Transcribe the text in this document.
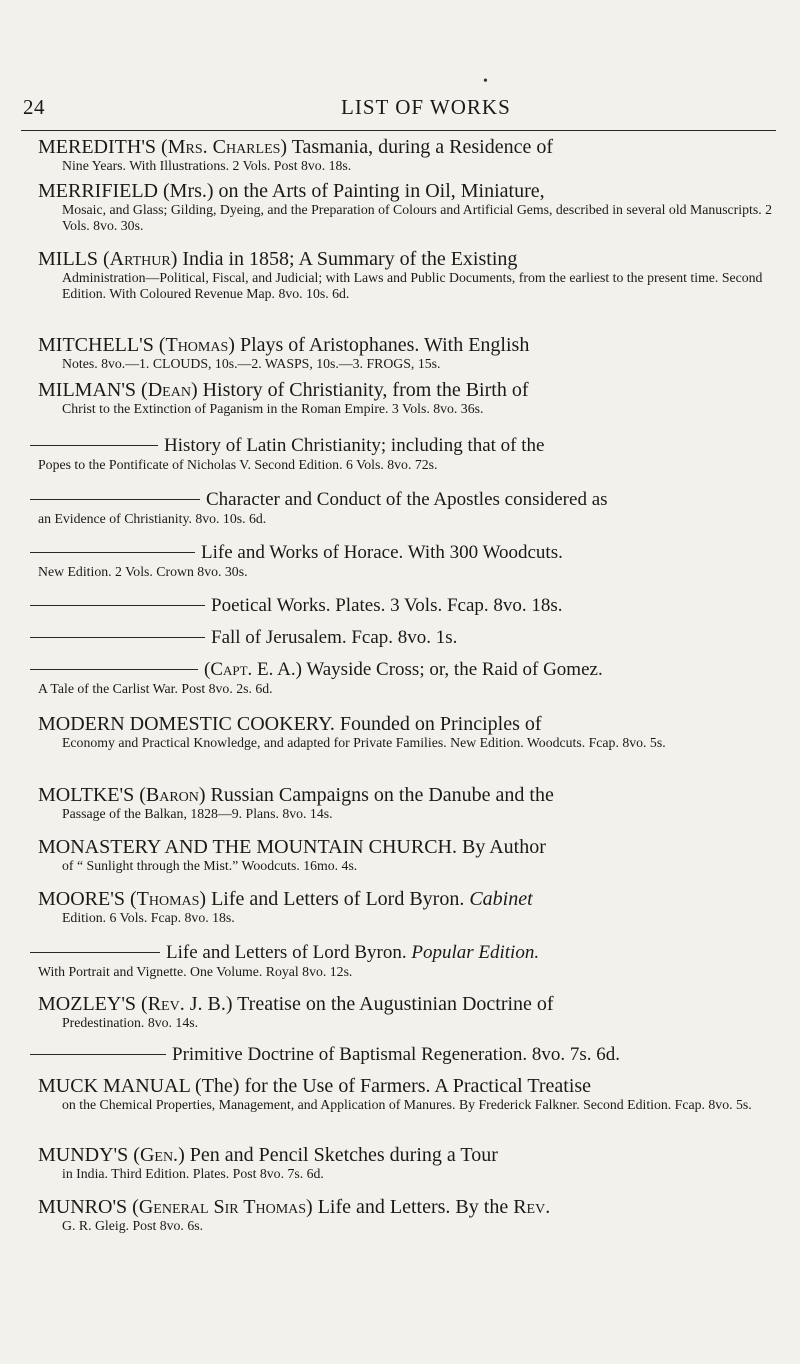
•
24	LIST OF WORKS

MEREDITH'S (Mrs. Charles) Tasmania, during a Residence of

Nine Years. With Illustrations. 2 Vols. Post 8vo. 18s.

MERRIFIELD (Mrs.) on the Arts of Painting in Oil, Miniature,

Mosaic, and Glass; Gilding, Dyeing, and the Preparation of Colours and Artificial Gems, described in several old Manuscripts. 2 Vols. 8vo. 30s.

MILLS (Arthur) India in 1858; A Summary of the Existing

Administration—Political, Fiscal, and Judicial; with Laws and Public Documents, from the earliest to the present time. Second Edition. With Coloured Revenue Map. 8vo. 10s. 6d.

MITCHELL'S (Thomas) Plays of Aristophanes. With English

Notes. 8vo.—1. CLOUDS, 10s.—2. WASPS, 10s.—3. FROGS, 15s.

MILMAN'S (Dean) History of Christianity, from the Birth of

Christ to the Extinction of Paganism in the Roman Empire. 3 Vols. 8vo. 36s.

History of Latin Christianity; including that of the

Popes to the Pontificate of Nicholas V. Second Edition. 6 Vols. 8vo. 72s.

Character and Conduct of the Apostles considered as

an Evidence of Christianity. 8vo. 10s. 6d.

Life and Works of Horace. With 300 Woodcuts.

New Edition. 2 Vols. Crown 8vo. 30s.

Poetical Works. Plates. 3 Vols. Fcap. 8vo. 18s.

Fall of Jerusalem. Fcap. 8vo. 1s.

(Capt. E. A.) Wayside Cross; or, the Raid of Gomez.

A Tale of the Carlist War. Post 8vo. 2s. 6d.

MODERN DOMESTIC COOKERY. Founded on Principles of

Economy and Practical Knowledge, and adapted for Private Families. New Edition. Woodcuts. Fcap. 8vo. 5s.

MOLTKE'S (Baron) Russian Campaigns on the Danube and the

Passage of the Balkan, 1828—9. Plans. 8vo. 14s.

MONASTERY AND THE MOUNTAIN CHURCH. By Author

of “ Sunlight through the Mist.” Woodcuts. 16mo. 4s.

MOORE'S (Thomas) Life and Letters of Lord Byron. Cabinet

Edition. 6 Vols. Fcap. 8vo. 18s.

Life and Letters of Lord Byron. Popular Edition.

With Portrait and Vignette. One Volume. Royal 8vo. 12s.

MOZLEY'S (Rev. J. B.) Treatise on the Augustinian Doctrine of

Predestination. 8vo. 14s.

Primitive Doctrine of Baptismal Regeneration. 8vo. 7s. 6d.

MUCK MANUAL (The) for the Use of Farmers. A Practical Treatise

on the Chemical Properties, Management, and Application of Manures. By Frederick Falkner. Second Edition. Fcap. 8vo. 5s.

MUNDY'S (Gen.) Pen and Pencil Sketches during a Tour

in India. Third Edition. Plates. Post 8vo. 7s. 6d.

MUNRO'S (General Sir Thomas) Life and Letters. By the Rev.

G. R. Gleig. Post 8vo. 6s.
